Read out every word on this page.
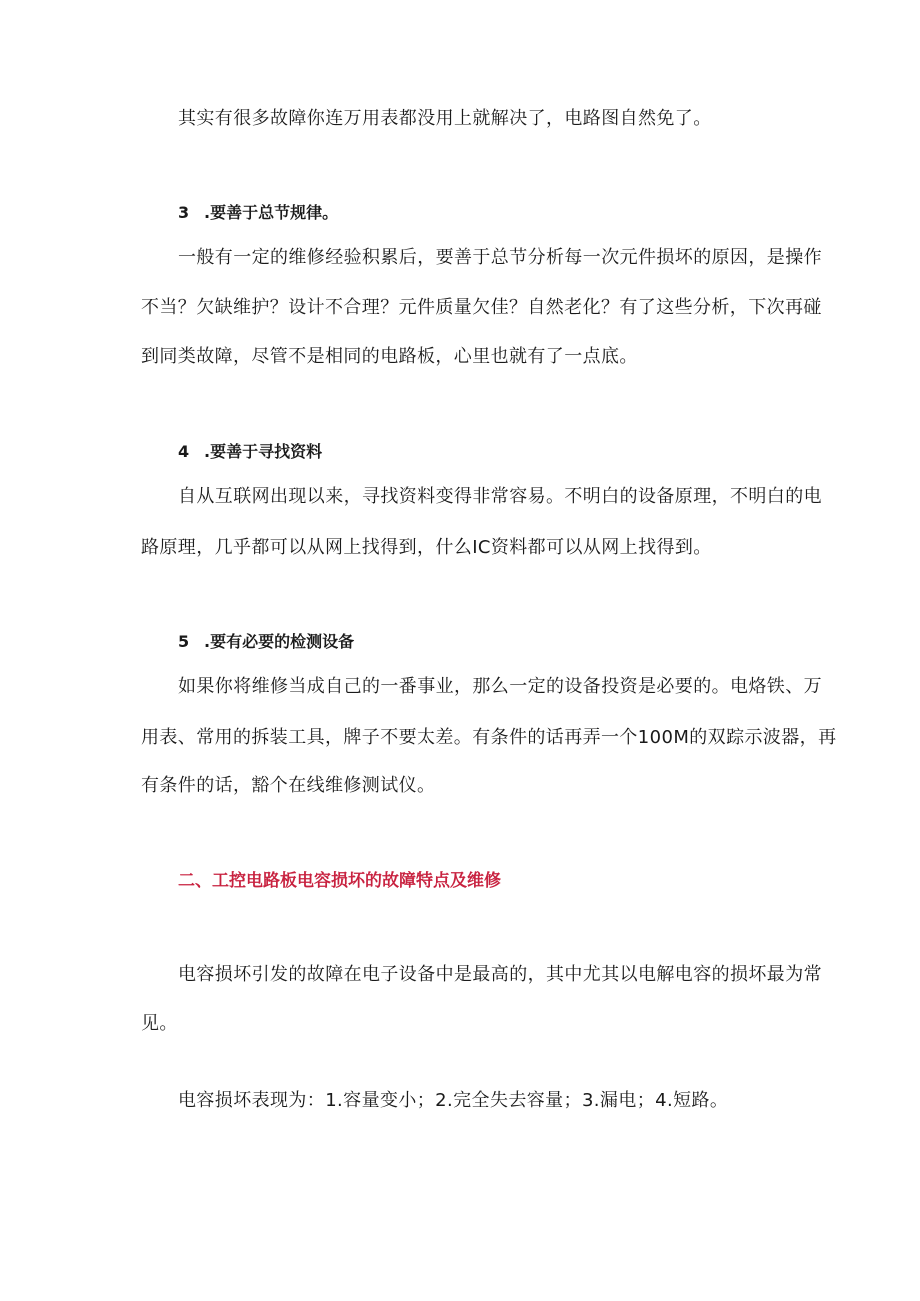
其实有很多故障你连万用表都没用上就解决了，电路图自然免了。
3 .要善于总节规律。
一般有一定的维修经验积累后，要善于总节分析每一次元件损坏的原因，是操作
不当？欠缺维护？设计不合理？元件质量欠佳？自然老化？有了这些分析，下次再碰
到同类故障，尽管不是相同的电路板，心里也就有了一点底。
4 .要善于寻找资料
自从互联网出现以来，寻找资料变得非常容易。不明白的设备原理，不明白的电
路原理，几乎都可以从网上找得到，什么IC资料都可以从网上找得到。
5 .要有必要的检测设备
如果你将维修当成自己的一番事业，那么一定的设备投资是必要的。电烙铁、万
用表、常用的拆装工具，牌子不要太差。有条件的话再弄一个100M的双踪示波器，再
有条件的话，豁个在线维修测试仪。
二、工控电路板电容损坏的故障特点及维修
电容损坏引发的故障在电子设备中是最高的，其中尤其以电解电容的损坏最为常
见。
电容损坏表现为：1.容量变小；2.完全失去容量；3.漏电；4.短路。
